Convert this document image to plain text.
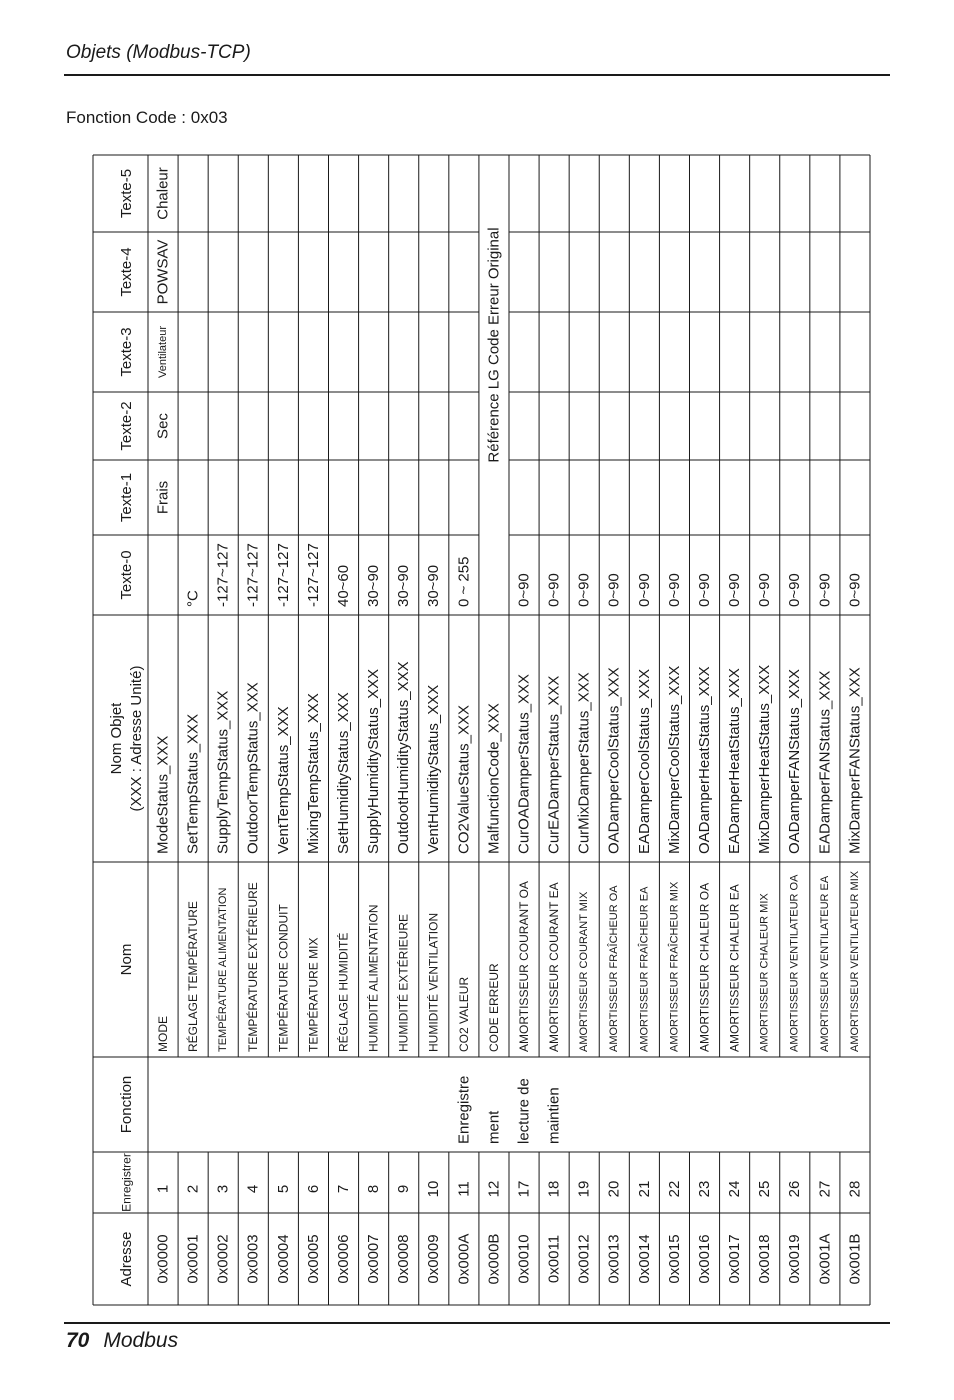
Objets (Modbus-TCP)
Fonction Code : 0x03
Adresse
Enregistrer
Fonction
Nom
Nom Objet (XXX : Adresse Unité)
Texte-0
Texte-1
Texte-2
Texte-3
Texte-4
Texte-5
0x0000
1
MODE
ModeStatus_XXX
Frais
Sec
Ventilateur
POWSAV
Chaleur
0x0001
2
RÉGLAGE TEMPÉRATURE
SetTempStatus_XXX
°C
0x0002
3
TEMPÉRATURE ALIMENTATION
SupplyTempStatus_XXX
-127~127
0x0003
4
TEMPÉRATURE EXTÉRIEURE
OutdoorTempStatus_XXX
-127~127
0x0004
5
TEMPÉRATURE CONDUIT
VentTempStatus_XXX
-127~127
0x0005
6
TEMPÉRATURE MIX
MixingTempStatus_XXX
-127~127
0x0006
7
RÉGLAGE HUMIDITÉ
SetHumidityStatus_XXX
40~60
0x0007
8
HUMIDITÉ ALIMENTATION
SupplyHumidityStatus_XXX
30~90
0x0008
9
HUMIDITÉ EXTÉRIEURE
OutdootHumidityStatus_XXX
30~90
0x0009
10
HUMIDITÉ VENTILATION
VentHumidityStatus_XXX
30~90
0x000A
11
CO2 VALEUR
CO2ValueStatus_XXX
0 ~ 255
0x000B
12
CODE ERREUR
MalfunctionCode_XXX
0x0010
17
AMORTISSEUR COURANT OA
CurOADamperStatus_XXX
0~90
0x0011
18
AMORTISSEUR COURANT EA
CurEADamperStatus_XXX
0~90
0x0012
19
AMORTISSEUR COURANT MIX
CurMixDamperStatus_XXX
0~90
0x0013
20
AMORTISSEUR FRAÎCHEUR OA
OADamperCoolStatus_XXX
0~90
0x0014
21
AMORTISSEUR FRAÎCHEUR EA
EADamperCoolStatus_XXX
0~90
0x0015
22
AMORTISSEUR FRAÎCHEUR MIX
MixDamperCoolStatus_XXX
0~90
0x0016
23
AMORTISSEUR CHALEUR OA
OADamperHeatStatus_XXX
0~90
0x0017
24
AMORTISSEUR CHALEUR EA
EADamperHeatStatus_XXX
0~90
0x0018
25
AMORTISSEUR CHALEUR MIX
MixDamperHeatStatus_XXX
0~90
0x0019
26
AMORTISSEUR VENTILATEUR OA
OADamperFANStatus_XXX
0~90
0x001A
27
AMORTISSEUR VENTILATEUR EA
EADamperFANStatus_XXX
0~90
0x001B
28
AMORTISSEUR VENTILATEUR MIX
MixDamperFANStatus_XXX
0~90
Référence LG Code Erreur Original
Enregistre ment lecture de maintien
70 Modbus
